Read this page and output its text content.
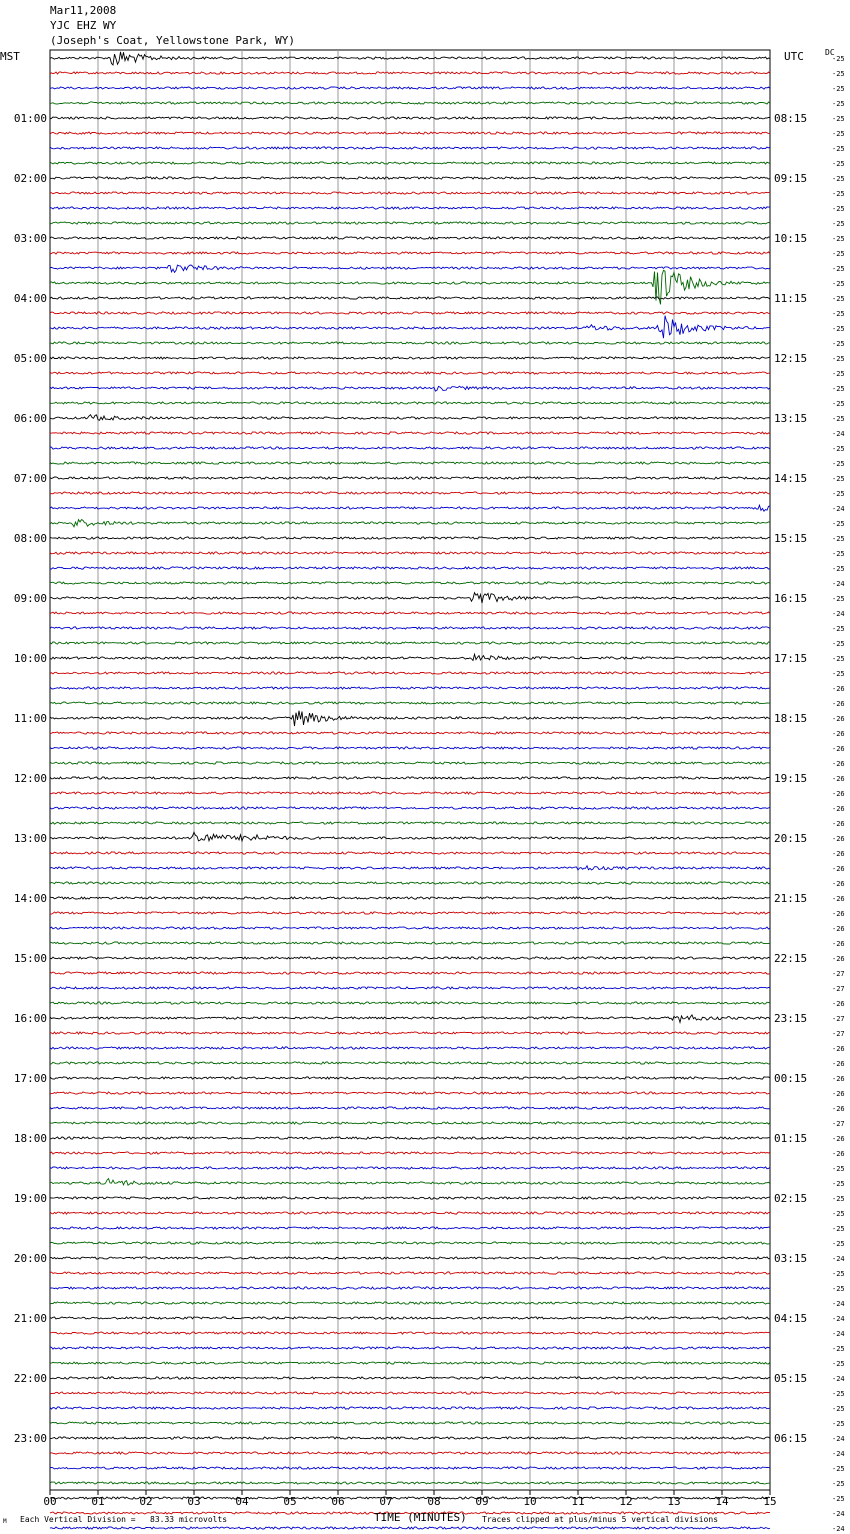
Mar11,2008
YJC EHZ WY
(Joseph's Coat, Yellowstone Park, WY)
MST	UTC	DC
-25
-25
-25
-25
-25
-25
-25
-25
-25
-25
-25
-25
-25
-25
-25
-25
-25
-25
-25
-25
-25
-25
-25
-25
-25
-24
-25
-25
-25
-25
-24
-25
-25
-25
-25
-24
-25
-24
-25
-25
-25
-25
-26
-26
-26
-26
-26
-26
-26
-26
-26
-26
-26
-26
-26
-26
-26
-26
-26
-26
-26
-27
-27
-26
-27
-27
-26
-26
-26
-26
-26
-27
-26
-26
-25
-25
-25
-25
-25
-25
-24
-25
-25
-24
-24
-24
-25
-25
-24
-25
-25
-25
-24
-24
-25
-25
-25
-24
-24
01:00
02:00
03:00
04:00
05:00
06:00
07:00
08:00
09:00
10:00
11:00
12:00
13:00
14:00
15:00
16:00
17:00
18:00
19:00
20:00
21:00
22:00
23:00
08:15
09:15
10:15
11:15
12:15
13:15
14:15
15:15
16:15
17:15
18:15
19:15
20:15
21:15
22:15
23:15
00:15
01:15
02:15
03:15
04:15
05:15
06:15
00	01	02	03	04	05	06	07	08	09	10	11	12	13	14	15
M Each Vertical Division =   83.33 microvolts	TIME (MINUTES) Traces clipped at plus/minus 5 vertical divisions
